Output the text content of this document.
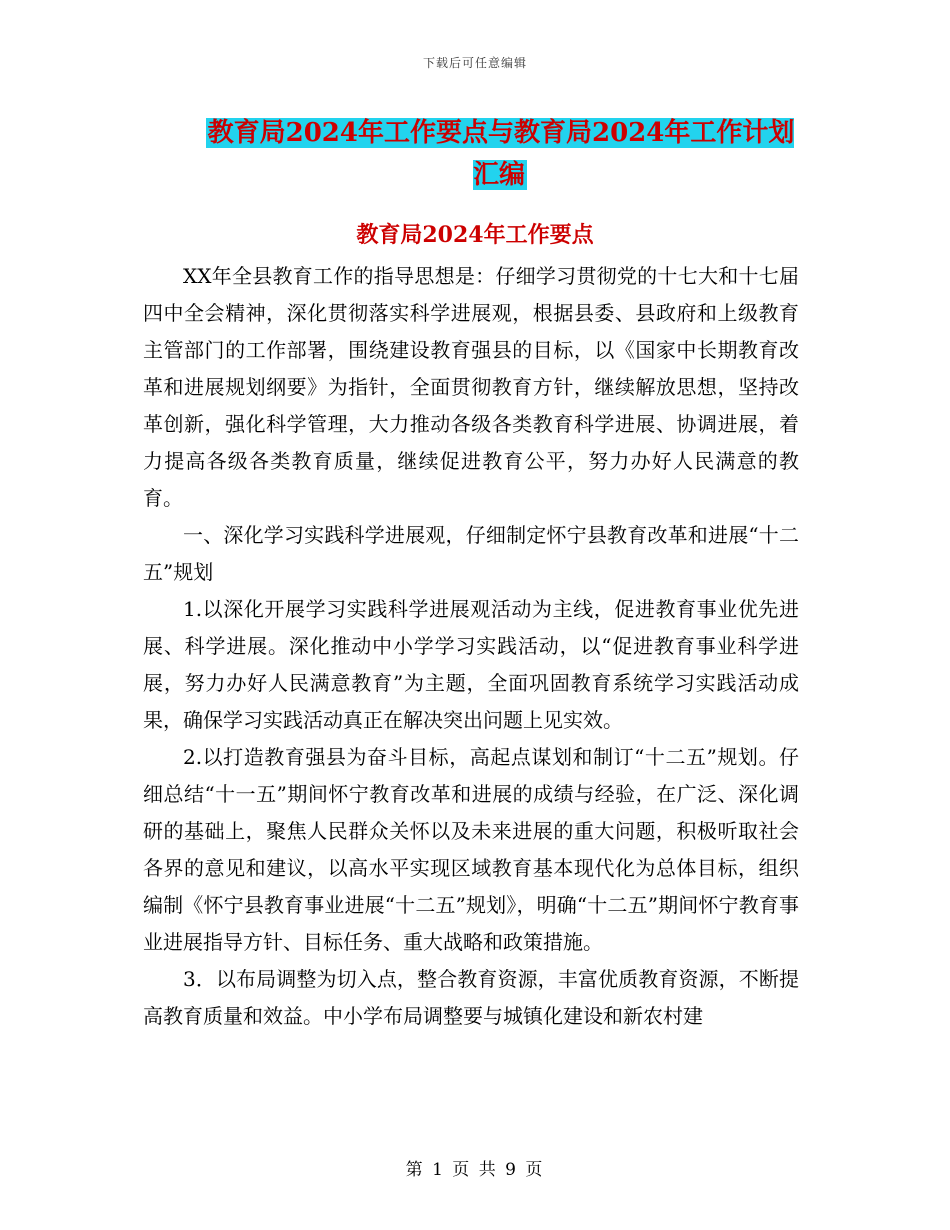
下载后可任意编辑
教育局2024年工作要点与教育局2024年工作计划汇编
教育局2024年工作要点

XX年全县教育工作的指导思想是：仔细学习贯彻党的十七大和十七届四中全会精神，深化贯彻落实科学进展观，根据县委、县政府和上级教育主管部门的工作部署，围绕建设教育强县的目标，以《国家中长期教育改革和进展规划纲要》为指针，全面贯彻教育方针，继续解放思想，坚持改革创新，强化科学管理，大力推动各级各类教育科学进展、协调进展，着力提高各级各类教育质量，继续促进教育公平，努力办好人民满意的教育。

一、深化学习实践科学进展观，仔细制定怀宁县教育改革和进展“十二五”规划

1.以深化开展学习实践科学进展观活动为主线，促进教育事业优先进展、科学进展。深化推动中小学学习实践活动，以“促进教育事业科学进展，努力办好人民满意教育”为主题，全面巩固教育系统学习实践活动成果，确保学习实践活动真正在解决突出问题上见实效。

2.以打造教育强县为奋斗目标，高起点谋划和制订“十二五”规划。仔细总结“十一五”期间怀宁教育改革和进展的成绩与经验，在广泛、深化调研的基础上，聚焦人民群众关怀以及未来进展的重大问题，积极听取社会各界的意见和建议，以高水平实现区域教育基本现代化为总体目标，组织编制《怀宁县教育事业进展“十二五”规划》，明确“十二五”期间怀宁教育事业进展指导方针、目标任务、重大战略和政策措施。

3．以布局调整为切入点，整合教育资源，丰富优质教育资源，不断提高教育质量和效益。中小学布局调整要与城镇化建设和新农村建

第 1 页 共 9 页
